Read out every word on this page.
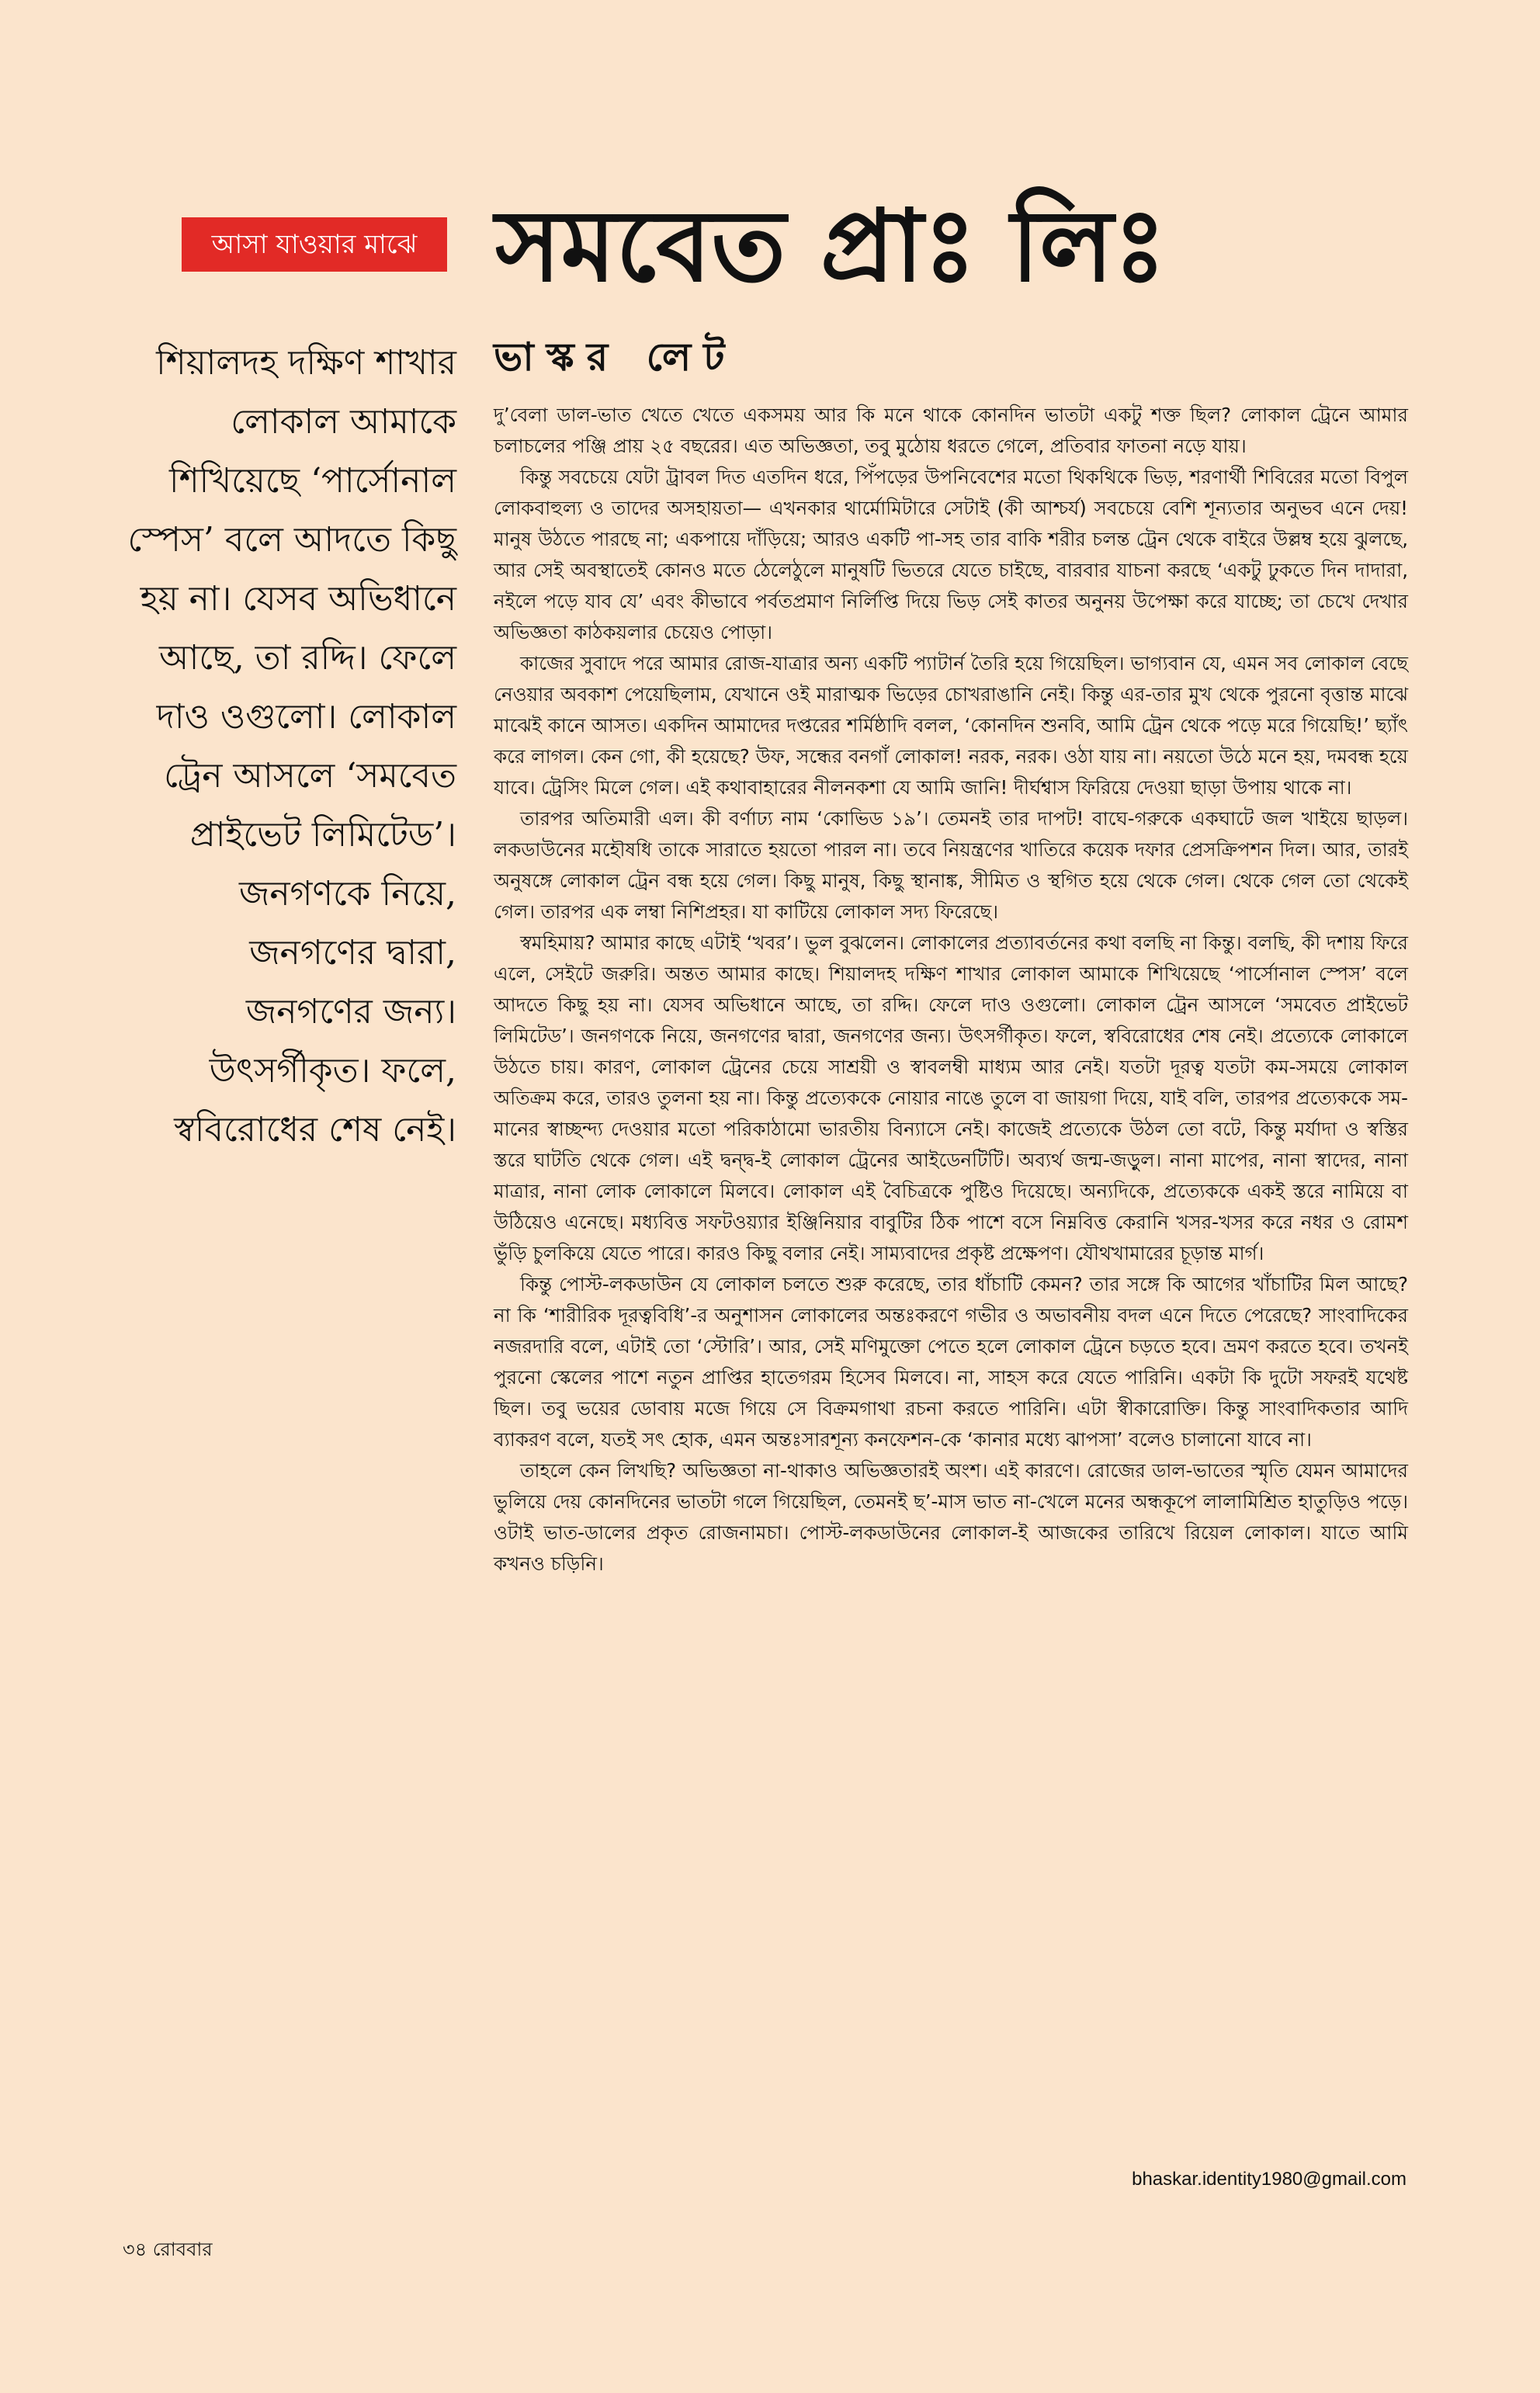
আসা যাওয়ার মাঝে সমবেত প্রাঃ লিঃ
ভাস্কর লেট
শিয়ালদহ দক্ষিণ শাখার লোকাল আমাকে শিখিয়েছে ‘পার্সোনাল স্পেস’ বলে আদতে কিছু হয় না। যেসব অভিধানে আছে, তা রদ্দি। ফেলে দাও ওগুলো। লোকাল ট্রেন আসলে ‘সমবেত প্রাইভেট লিমিটেড’। জনগণকে নিয়ে, জনগণের দ্বারা, জনগণের জন্য। উৎসর্গীকৃত। ফলে, স্ববিরোধের শেষ নেই।

দু’বেলা ডাল-ভাত খেতে খেতে একসময় আর কি মনে থাকে কোনদিন ভাতটা একটু শক্ত ছিল? লোকাল ট্রেনে আমার চলাচলের পঞ্জি প্রায় ২৫ বছরের। এত অভিজ্ঞতা, তবু মুঠোয় ধরতে গেলে, প্রতিবার ফাতনা নড়ে যায়।

কিন্তু সবচেয়ে যেটা ট্রাবল দিত এতদিন ধরে, পিঁপড়ের উপনিবেশের মতো থিকথিকে ভিড়, শরণার্থী শিবিরের মতো বিপুল লোকবাহুল্য ও তাদের অসহায়তা— এখনকার থার্মোমিটারে সেটাই (কী আশ্চর্য) সবচেয়ে বেশি শূন্যতার অনুভব এনে দেয়! মানুষ উঠতে পারছে না; একপায়ে দাঁড়িয়ে; আরও একটি পা-সহ তার বাকি শরীর চলন্ত ট্রেন থেকে বাইরে উল্লম্ব হয়ে ঝুলছে, আর সেই অবস্থাতেই কোনও মতে ঠেলেঠুলে মানুষটি ভিতরে যেতে চাইছে, বারবার যাচনা করছে ‘একটু ঢুকতে দিন দাদারা, নইলে পড়ে যাব যে’ এবং কীভাবে পর্বতপ্রমাণ নির্লিপ্তি দিয়ে ভিড় সেই কাতর অনুনয় উপেক্ষা করে যাচ্ছে; তা চেখে দেখার অভিজ্ঞতা কাঠকয়লার চেয়েও পোড়া।

কাজের সুবাদে পরে আমার রোজ-যাত্রার অন্য একটি প্যাটার্ন তৈরি হয়ে গিয়েছিল। ভাগ্যবান যে, এমন সব লোকাল বেছে নেওয়ার অবকাশ পেয়েছিলাম, যেখানে ওই মারাত্মক ভিড়ের চোখরাঙানি নেই। কিন্তু এর-তার মুখ থেকে পুরনো বৃত্তান্ত মাঝে মাঝেই কানে আসত। একদিন আমাদের দপ্তরের শর্মিষ্ঠাদি বলল, ‘কোনদিন শুনবি, আমি ট্রেন থেকে পড়ে মরে গিয়েছি!’ ছ্যাঁৎ করে লাগল। কেন গো, কী হয়েছে? উফ, সন্ধের বনগাঁ লোকাল! নরক, নরক। ওঠা যায় না। নয়তো উঠে মনে হয়, দমবন্ধ হয়ে যাবে। ট্রেসিং মিলে গেল। এই কথাবাহারের নীলনকশা যে আমি জানি! দীর্ঘশ্বাস ফিরিয়ে দেওয়া ছাড়া উপায় থাকে না।

তারপর অতিমারী এল। কী বর্ণাঢ্য নাম ‘কোভিড ১৯’। তেমনই তার দাপট! বাঘে-গরুকে একঘাটে জল খাইয়ে ছাড়ল। লকডাউনের মহৌষধি তাকে সারাতে হয়তো পারল না। তবে নিয়ন্ত্রণের খাতিরে কয়েক দফার প্রেসক্রিপশন দিল। আর, তারই অনুষঙ্গে লোকাল ট্রেন বন্ধ হয়ে গেল। কিছু মানুষ, কিছু স্থানাঙ্ক, সীমিত ও স্থগিত হয়ে থেকে গেল। থেকে গেল তো থেকেই গেল। তারপর এক লম্বা নিশিপ্রহর। যা কাটিয়ে লোকাল সদ্য ফিরেছে।

স্বমহিমায়? আমার কাছে এটাই ‘খবর’। ভুল বুঝলেন। লোকালের প্রত্যাবর্তনের কথা বলছি না কিন্তু। বলছি, কী দশায় ফিরে এলে, সেইটে জরুরি। অন্তত আমার কাছে। শিয়ালদহ দক্ষিণ শাখার লোকাল আমাকে শিখিয়েছে ‘পার্সোনাল স্পেস’ বলে আদতে কিছু হয় না। যেসব অভিধানে আছে, তা রদ্দি। ফেলে দাও ওগুলো। লোকাল ট্রেন আসলে ‘সমবেত প্রাইভেট লিমিটেড’। জনগণকে নিয়ে, জনগণের দ্বারা, জনগণের জন্য। উৎসর্গীকৃত। ফলে, স্ববিরোধের শেষ নেই। প্রত্যেকে লোকালে উঠতে চায়। কারণ, লোকাল ট্রেনের চেয়ে সাশ্রয়ী ও স্বাবলম্বী মাধ্যম আর নেই। যতটা দূরত্ব যতটা কম-সময়ে লোকাল অতিক্রম করে, তারও তুলনা হয় না। কিন্তু প্রত্যেককে নোয়ার নাঙে তুলে বা জায়গা দিয়ে, যাই বলি, তারপর প্রত্যেককে সম-মানের স্বাচ্ছন্দ্য দেওয়ার মতো পরিকাঠামো ভারতীয় বিন্যাসে নেই। কাজেই প্রত্যেকে উঠল তো বটে, কিন্তু মর্যাদা ও স্বস্তির স্তরে ঘাটতি থেকে গেল। এই দ্বন্দ্ব-ই লোকাল ট্রেনের আইডেনটিটি। অব্যর্থ জন্ম-জড়ুল। নানা মাপের, নানা স্বাদের, নানা মাত্রার, নানা লোক লোকালে মিলবে। লোকাল এই বৈচিত্রকে পুষ্টিও দিয়েছে। অন্যদিকে, প্রত্যেককে একই স্তরে নামিয়ে বা উঠিয়েও এনেছে। মধ্যবিত্ত সফটওয়্যার ইঞ্জিনিয়ার বাবুটির ঠিক পাশে বসে নিম্নবিত্ত কেরানি খসর-খসর করে নধর ও রোমশ ভুঁড়ি চুলকিয়ে যেতে পারে। কারও কিছু বলার নেই। সাম্যবাদের প্রকৃষ্ট প্রক্ষেপণ। যৌথখামারের চূড়ান্ত মার্গ।

কিন্তু পোস্ট-লকডাউন যে লোকাল চলতে শুরু করেছে, তার ধাঁচাটি কেমন? তার সঙ্গে কি আগের খাঁচাটির মিল আছে? না কি ‘শারীরিক দূরত্ববিধি’-র অনুশাসন লোকালের অন্তঃকরণে গভীর ও অভাবনীয় বদল এনে দিতে পেরেছে? সাংবাদিকের নজরদারি বলে, এটাই তো ‘স্টোরি’। আর, সেই মণিমুক্তো পেতে হলে লোকাল ট্রেনে চড়তে হবে। ভ্রমণ করতে হবে। তখনই পুরনো স্কেলের পাশে নতুন প্রাপ্তির হাতেগরম হিসেব মিলবে। না, সাহস করে যেতে পারিনি। একটা কি দুটো সফরই যথেষ্ট ছিল। তবু ভয়ের ডোবায় মজে গিয়ে সে বিক্রমগাথা রচনা করতে পারিনি। এটা স্বীকারোক্তি। কিন্তু সাংবাদিকতার আদি ব্যাকরণ বলে, যতই সৎ হোক, এমন অন্তঃসারশূন্য কনফেশন-কে ‘কানার মধ্যে ঝাপসা’ বলেও চালানো যাবে না।

তাহলে কেন লিখছি? অভিজ্ঞতা না-থাকাও অভিজ্ঞতারই অংশ। এই কারণে। রোজের ডাল-ভাতের স্মৃতি যেমন আমাদের ভুলিয়ে দেয় কোনদিনের ভাতটা গলে গিয়েছিল, তেমনই ছ’-মাস ভাত না-খেলে মনের অন্ধকূপে লালামিশ্রিত হাতুড়িও পড়ে। ওটাই ভাত-ডালের প্রকৃত রোজনামচা। পোস্ট-লকডাউনের লোকাল-ই আজকের তারিখে রিয়েল লোকাল। যাতে আমি কখনও চড়িনি।

bhaskar.identity1980@gmail.com
৩৪ রোববার
